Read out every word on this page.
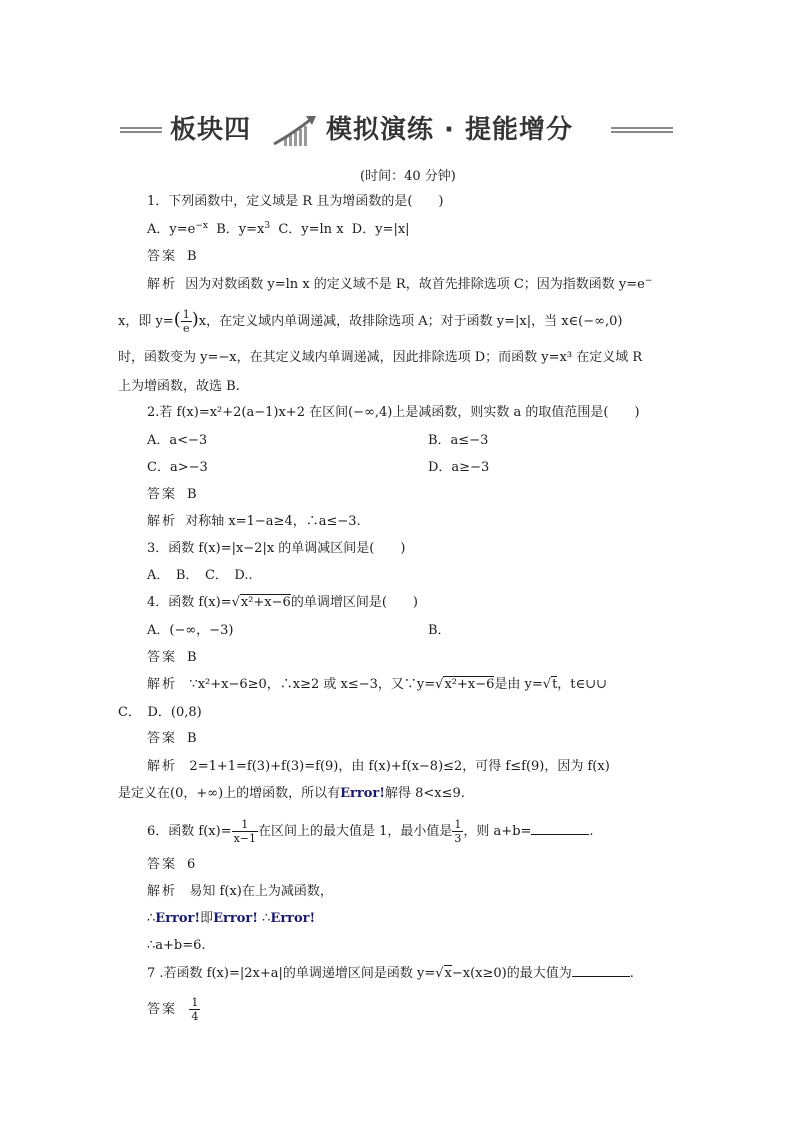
板块四	模拟演练 · 提能增分
(时间：40 分钟)
1．下列函数中，定义域是 R 且为增函数的是(　　)
A．$y=e^{-x}$ B．$y=x^3$ C．y=ln x D．y=|x|
答案 B
解析 因为对数函数 y=ln x 的定义域不是 R，故首先排除选项 C；因为指数函数 y=e−
x，即 $y=( \frac{1}{e} )x$，在定义域内单调递减，故排除选项 A；对于函数 y=|x|，当 x∈(−∞,0)
时，函数变为 y=−x，在其定义域内单调递减，因此排除选项 D；而函数 y=x³ 在定义域 R
上为增函数，故选 B.
2.若 f(x)=x²+2(a−1)x+2 在区间(−∞,4)上是减函数，则实数 a 的取值范围是(　　)
A．a<−3	B．a≤−3
C．a>−3	D．a≥−3
答案 B
解析 对称轴 x=1−a≥4，∴a≤−3.
3．函数 f(x)=|x−2|x 的单调减区间是(　　)
A．　B．　C．　D..
4．函数 f(x)=√x²+x−6的单调增区间是(　　)
A．(−∞，−3)	B．
答案 B
解析 ∵x²+x−6≥0，∴x≥2 或 x≤−3，又∵y=√x²+x−6是由 y=√t，t∈∪∪
C．　D．(0,8)
答案 B
解析 2=1+1=f(3)+f(3)=f(9)，由 f(x)+f(x−8)≤2，可得 f≤f(9)，因为 f(x)
是定义在(0，+∞)上的增函数，所以有Error!解得 8<x≤9.
6．函数 $f(x)= \frac{1}{x-1}$ 在区间上的最大值是 1，最小值是 $\frac{1}{3}$ ，则 a+b=	.
答案 6
解析 易知 f(x)在上为减函数，
∴Error!即Error! ∴Error!
∴a+b=6.
7 .若函数 f(x)=|2x+a|的单调递增区间是函数 y=√x−x(x≥0)的最大值为	.
答案 $\frac{1}{4}$
